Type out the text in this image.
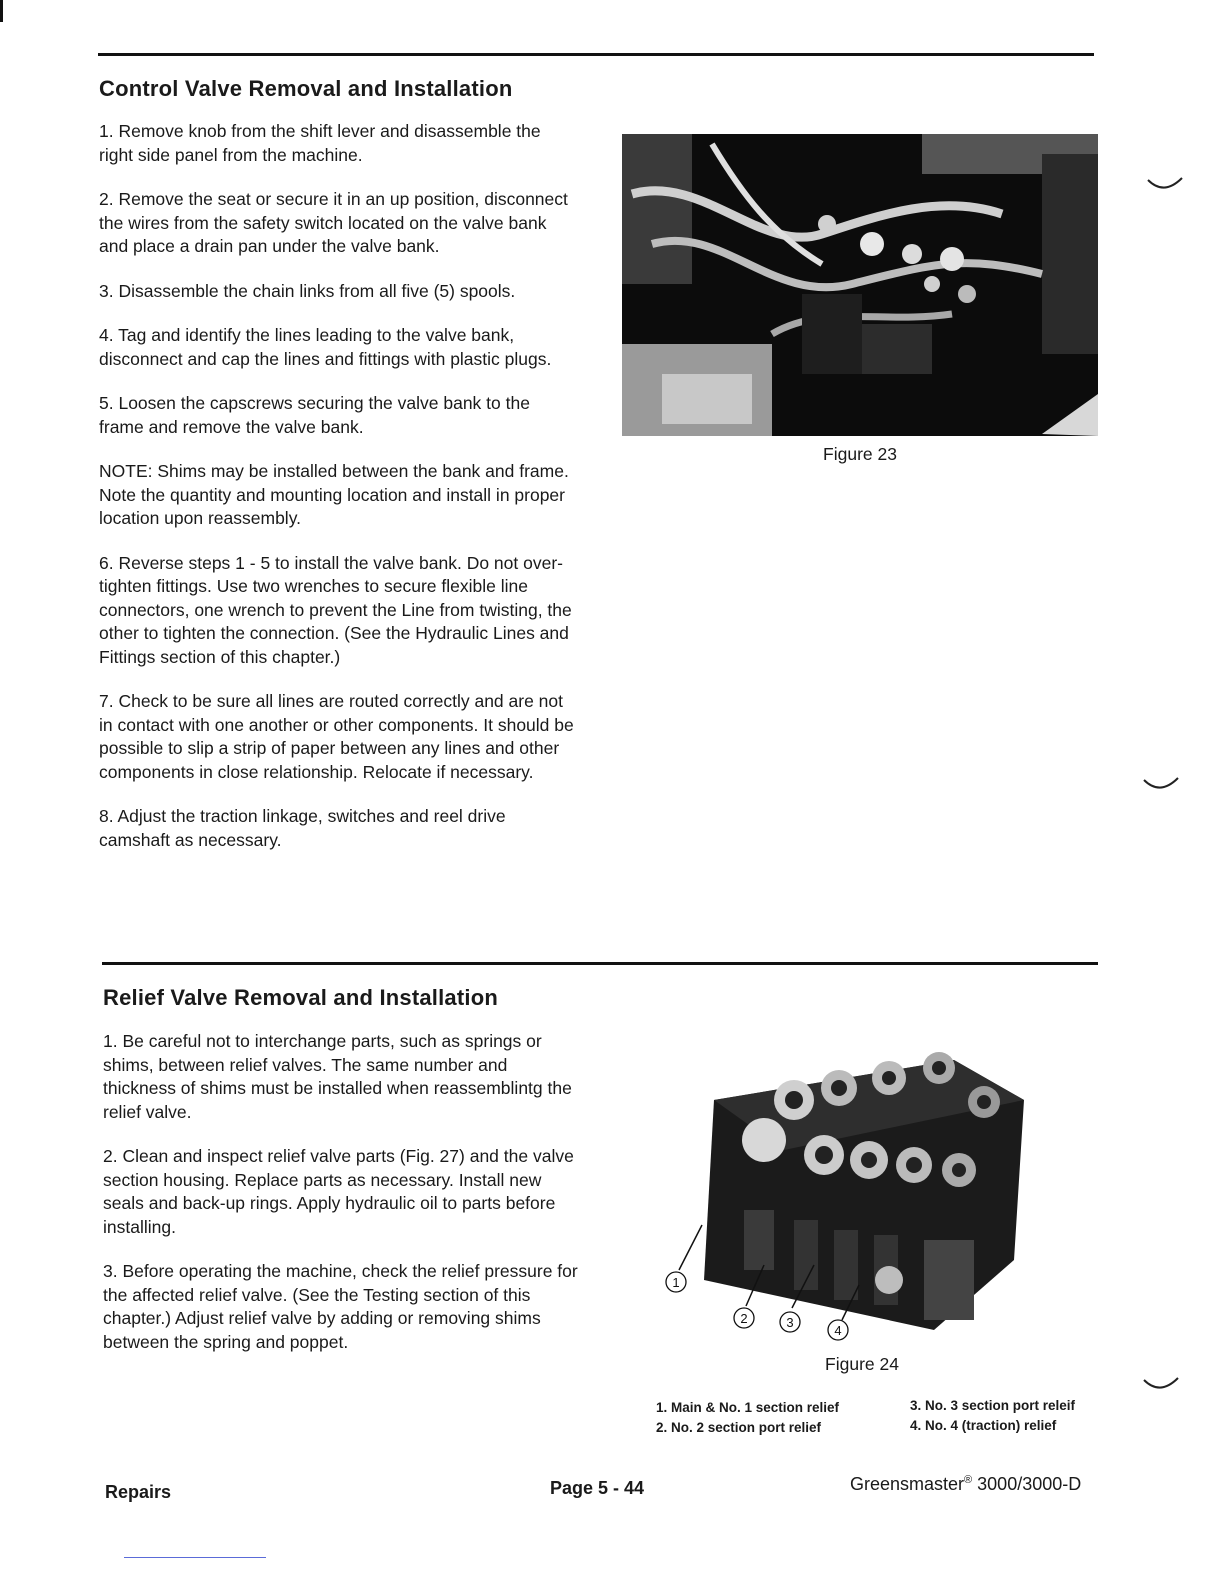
Control Valve Removal and Installation

1. Remove knob from the shift lever and disassemble the right side panel from the machine.

2. Remove the seat or secure it in an up position, disconnect the wires from the safety switch located on the valve bank and place a drain pan under the valve bank.

3. Disassemble the chain links from all five (5) spools.

4. Tag and identify the lines leading to the valve bank, disconnect and cap the lines and fittings with plastic plugs.

5. Loosen the capscrews securing the valve bank to the frame and remove the valve bank.

NOTE: Shims may be installed between the bank and frame. Note the quantity and mounting location and install in proper location upon reassembly.

6. Reverse steps 1 - 5 to install the valve bank. Do not over-tighten fittings. Use two wrenches to secure flexible line connectors, one wrench to prevent the Line from twisting, the other to tighten the connection. (See the Hydraulic Lines and Fittings section of this chapter.)

7. Check to be sure all lines are routed correctly and are not in contact with one another or other components. It should be possible to slip a strip of paper between any lines and other components in close relationship. Relocate if necessary.

8. Adjust the traction linkage, switches and reel drive camshaft as necessary.

Figure 23
Relief Valve Removal and Installation

1. Be careful not to interchange parts, such as springs or shims, between relief valves. The same number and thickness of shims must be installed when reassemblintg the relief valve.

2. Clean and inspect relief valve parts (Fig. 27) and the valve section housing. Replace parts as necessary. Install new seals and back-up rings. Apply hydraulic oil to parts before installing.

3. Before operating the machine, check the relief pressure for the affected relief valve. (See the Testing section of this chapter.) Adjust relief valve by adding or removing shims between the spring and poppet.

1
2	3
4
Figure 24
1. Main & No. 1 section relief
2. No. 2 section port relief
3. No. 3 section port releif
4. No. 4 (traction) relief
Repairs	Page 5 - 44	Greensmaster® 3000/3000-D
